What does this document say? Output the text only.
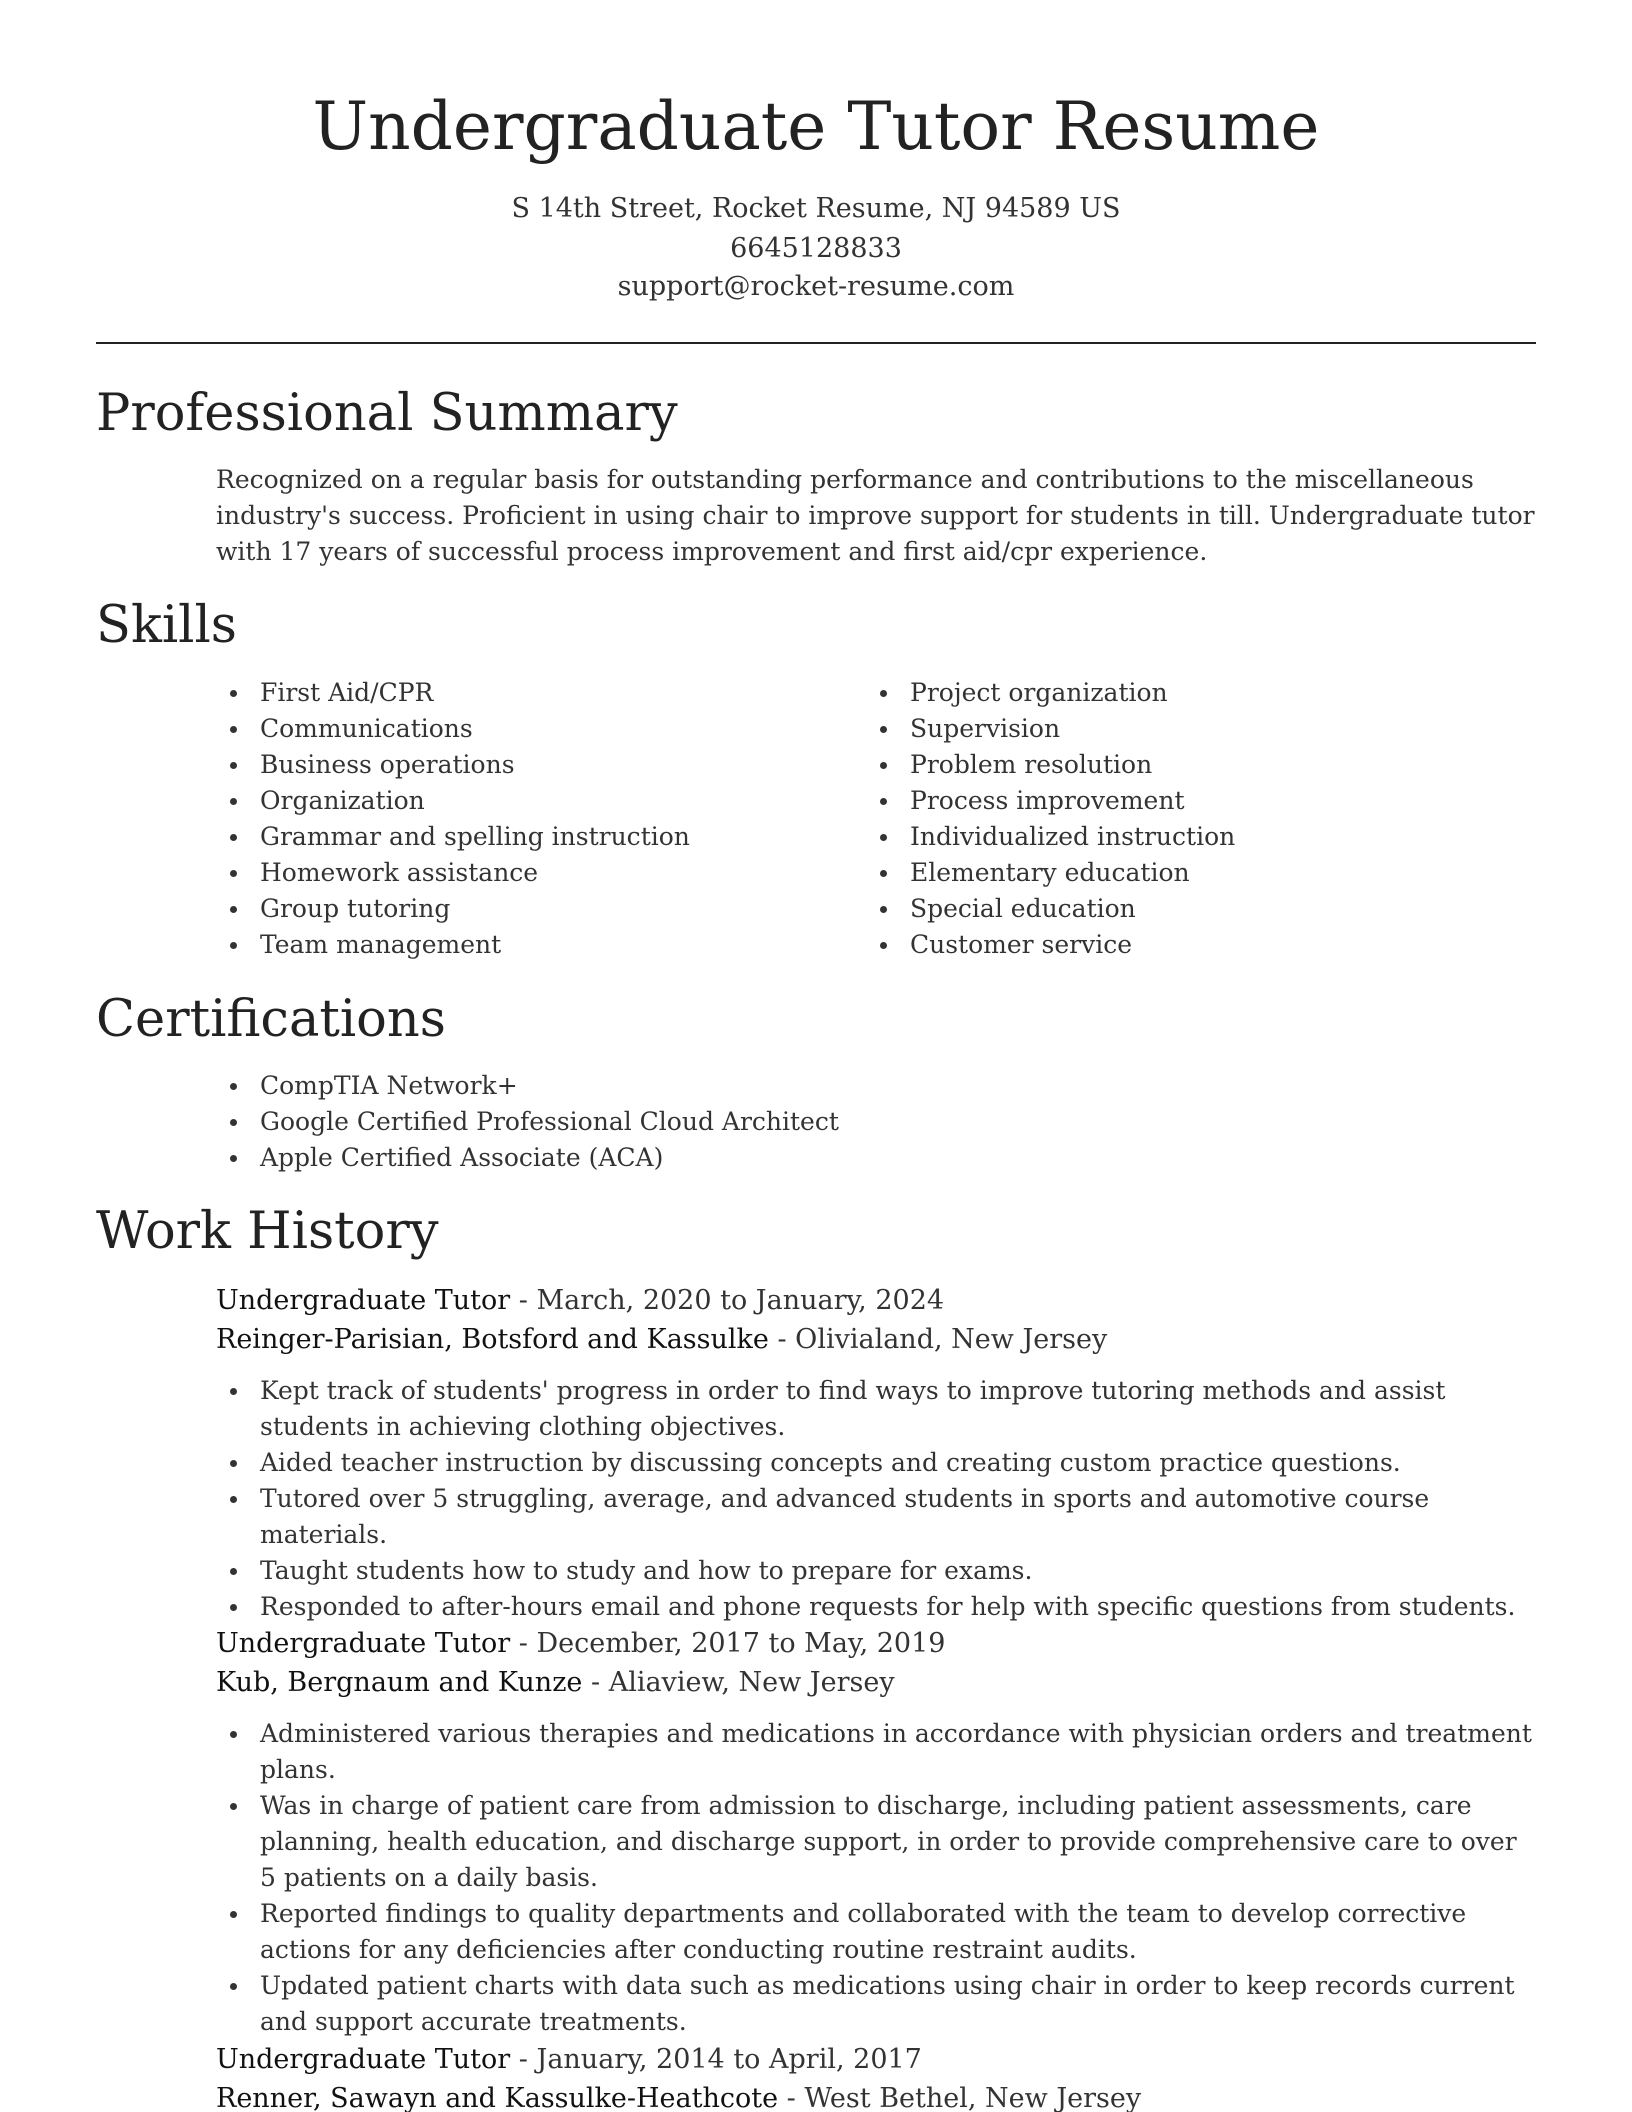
Undergraduate Tutor Resume
S 14th Street, Rocket Resume, NJ 94589 US
6645128833
support@rocket-resume.com
Professional Summary

Recognized on a regular basis for outstanding performance and contributions to the miscellaneous industry's success. Proficient in using chair to improve support for students in till. Undergraduate tutor with 17 years of successful process improvement and first aid/cpr experience.

Skills
First Aid/CPR
Communications
Business operations
Organization
Grammar and spelling instruction
Homework assistance
Group tutoring
Team management
Project organization
Supervision
Problem resolution
Process improvement
Individualized instruction
Elementary education
Special education
Customer service
Certifications
CompTIA Network+
Google Certified Professional Cloud Architect
Apple Certified Associate (ACA)
Work History
Undergraduate Tutor - March, 2020 to January, 2024
Reinger-Parisian, Botsford and Kassulke - Olivialand, New Jersey
Kept track of students' progress in order to find ways to improve tutoring methods and assist students in achieving clothing objectives.
Aided teacher instruction by discussing concepts and creating custom practice questions.
Tutored over 5 struggling, average, and advanced students in sports and automotive course materials.
Taught students how to study and how to prepare for exams.
Responded to after-hours email and phone requests for help with specific questions from students.
Undergraduate Tutor - December, 2017 to May, 2019
Kub, Bergnaum and Kunze - Aliaview, New Jersey
Administered various therapies and medications in accordance with physician orders and treatment plans.
Was in charge of patient care from admission to discharge, including patient assessments, care planning, health education, and discharge support, in order to provide comprehensive care to over 5 patients on a daily basis.
Reported findings to quality departments and collaborated with the team to develop corrective actions for any deficiencies after conducting routine restraint audits.
Updated patient charts with data such as medications using chair in order to keep records current and support accurate treatments.
Undergraduate Tutor - January, 2014 to April, 2017
Renner, Sawayn and Kassulke-Heathcote - West Bethel, New Jersey
